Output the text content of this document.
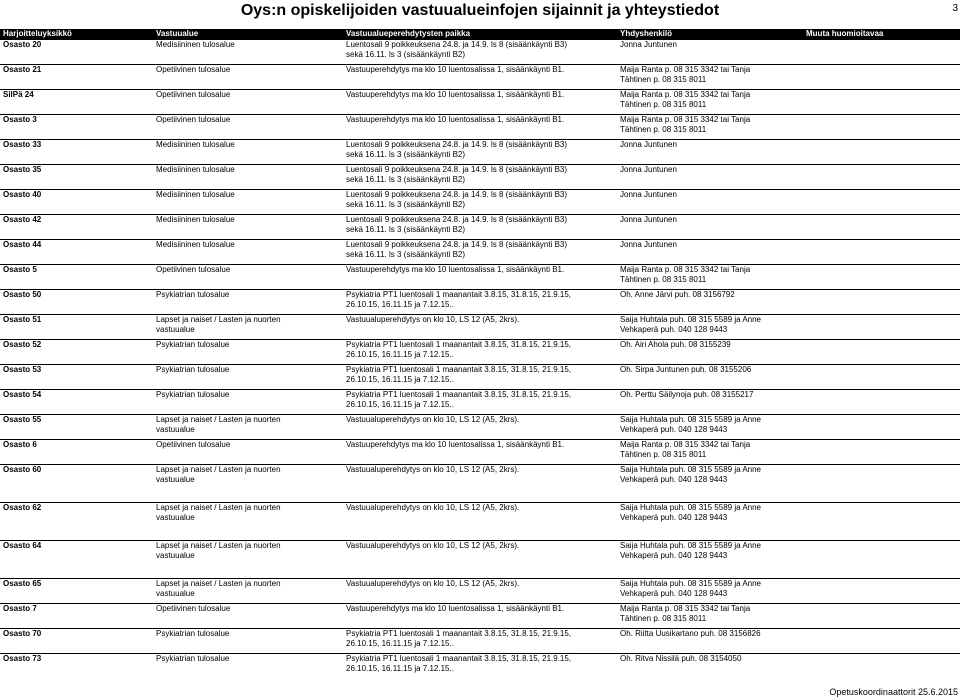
Oys:n opiskelijoiden vastuualueinfojen sijainnit ja yhteystiedot	3
Harjoitteluyksikkö	Vastuualue	Vastuualueperehdytysten paikka	Yhdyshenkilö	Muuta huomioitavaa
Osasto 20	Medisiininen tulosalue	Luentosali 9 poikkeuksena 24.8. ja 14.9. ls 8 (sisäänkäynti B3)
sekä 16.11. ls 3 (sisäänkäynti B2)	Jonna Juntunen	
Osasto 21	Opetiivinen tulosalue	Vastuuperehdytys ma klo 10 luentosalissa 1, sisäänkäynti B1.	Maija Ranta p. 08 315 3342 tai Tanja
Tähtinen p. 08 315 8011	
SilPä 24	Opetiivinen tulosalue	Vastuuperehdytys ma klo 10 luentosalissa 1, sisäänkäynti B1.	Maija Ranta p. 08 315 3342 tai Tanja
Tähtinen p. 08 315 8011	
Osasto 3	Opetiivinen tulosalue	Vastuuperehdytys ma klo 10 luentosalissa 1, sisäänkäynti B1.	Maija Ranta p. 08 315 3342 tai Tanja
Tähtinen p. 08 315 8011	
Osasto 33	Medisiininen tulosalue	Luentosali 9 poikkeuksena 24.8. ja 14.9. ls 8 (sisäänkäynti B3)
sekä 16.11. ls 3 (sisäänkäynti B2)	Jonna Juntunen	
Osasto 35	Medisiininen tulosalue	Luentosali 9 poikkeuksena 24.8. ja 14.9. ls 8 (sisäänkäynti B3)
sekä 16.11. ls 3 (sisäänkäynti B2)	Jonna Juntunen	
Osasto 40	Medisiininen tulosalue	Luentosali 9 poikkeuksena 24.8. ja 14.9. ls 8 (sisäänkäynti B3)
sekä 16.11. ls 3 (sisäänkäynti B2)	Jonna Juntunen	
Osasto 42	Medisiininen tulosalue	Luentosali 9 poikkeuksena 24.8. ja 14.9. ls 8 (sisäänkäynti B3)
sekä 16.11. ls 3 (sisäänkäynti B2)	Jonna Juntunen	
Osasto 44	Medisiininen tulosalue	Luentosali 9 poikkeuksena 24.8. ja 14.9. ls 8 (sisäänkäynti B3)
sekä 16.11. ls 3 (sisäänkäynti B2)	Jonna Juntunen	
Osasto 5	Opetiivinen tulosalue	Vastuuperehdytys ma klo 10 luentosalissa 1, sisäänkäynti B1.	Maija Ranta p. 08 315 3342 tai Tanja
Tähtinen p. 08 315 8011	
Osasto 50	Psykiatrian tulosalue	Psykiatria PT1 luentosali 1 maanantait 3.8.15, 31.8.15, 21.9.15,
26.10.15, 16.11.15 ja 7.12.15..	Oh. Anne Järvi puh. 08 3156792	
Osasto 51	Lapset ja naiset / Lasten ja nuorten
vastuualue	Vastuualuperehdytys on klo 10, LS 12 (A5, 2krs).	Saija Huhtala puh. 08 315 5589 ja Anne
Vehkaperä puh. 040 128 9443	
Osasto 52	Psykiatrian tulosalue	Psykiatria PT1 luentosali 1 maanantait 3.8.15, 31.8.15, 21.9.15,
26.10.15, 16.11.15 ja 7.12.15..	Oh. Airi Ahola puh. 08 3155239	
Osasto 53	Psykiatrian tulosalue	Psykiatria PT1 luentosali 1 maanantait 3.8.15, 31.8.15, 21.9.15,
26.10.15, 16.11.15 ja 7.12.15..	Oh. Sirpa Juntunen puh. 08 3155206	
Osasto 54	Psykiatrian tulosalue	Psykiatria PT1 luentosali 1 maanantait 3.8.15, 31.8.15, 21.9.15,
26.10.15, 16.11.15 ja 7.12.15..	Oh. Perttu Säilynoja puh. 08 3155217	
Osasto 55	Lapset ja naiset / Lasten ja nuorten
vastuualue	Vastuualuperehdytys on klo 10, LS 12 (A5, 2krs).	Saija Huhtala puh. 08 315 5589 ja Anne
Vehkaperä puh. 040 128 9443	
Osasto 6	Opetiivinen tulosalue	Vastuuperehdytys ma klo 10 luentosalissa 1, sisäänkäynti B1.	Maija Ranta p. 08 315 3342 tai Tanja
Tähtinen p. 08 315 8011	
Osasto 60	Lapset ja naiset / Lasten ja nuorten
vastuualue	Vastuualuperehdytys on klo 10, LS 12 (A5, 2krs).	Saija Huhtala puh. 08 315 5589 ja Anne
Vehkaperä puh. 040 128 9443	
Osasto 62	Lapset ja naiset / Lasten ja nuorten
vastuualue	Vastuualuperehdytys on klo 10, LS 12 (A5, 2krs).	Saija Huhtala puh. 08 315 5589 ja Anne
Vehkaperä puh. 040 128 9443	
Osasto 64	Lapset ja naiset / Lasten ja nuorten
vastuualue	Vastuualuperehdytys on klo 10, LS 12 (A5, 2krs).	Saija Huhtala puh. 08 315 5589 ja Anne
Vehkaperä puh. 040 128 9443	
Osasto 65	Lapset ja naiset / Lasten ja nuorten
vastuualue	Vastuualuperehdytys on klo 10, LS 12 (A5, 2krs).	Saija Huhtala puh. 08 315 5589 ja Anne
Vehkaperä puh. 040 128 9443	
Osasto 7	Opetiivinen tulosalue	Vastuuperehdytys ma klo 10 luentosalissa 1, sisäänkäynti B1.	Maija Ranta p. 08 315 3342 tai Tanja
Tähtinen p. 08 315 8011	
Osasto 70	Psykiatrian tulosalue	Psykiatria PT1 luentosali 1 maanantait 3.8.15, 31.8.15, 21.9.15,
26.10.15, 16.11.15 ja 7.12.15..	Oh. Riitta Uusikartano puh. 08 3156826	
Osasto 73	Psykiatrian tulosalue	Psykiatria PT1 luentosali 1 maanantait 3.8.15, 31.8.15, 21.9.15,
26.10.15, 16.11.15 ja 7.12.15..	Oh. Ritva Nissilä puh. 08 3154050	
Opetuskoordinaattorit 25.6.2015
